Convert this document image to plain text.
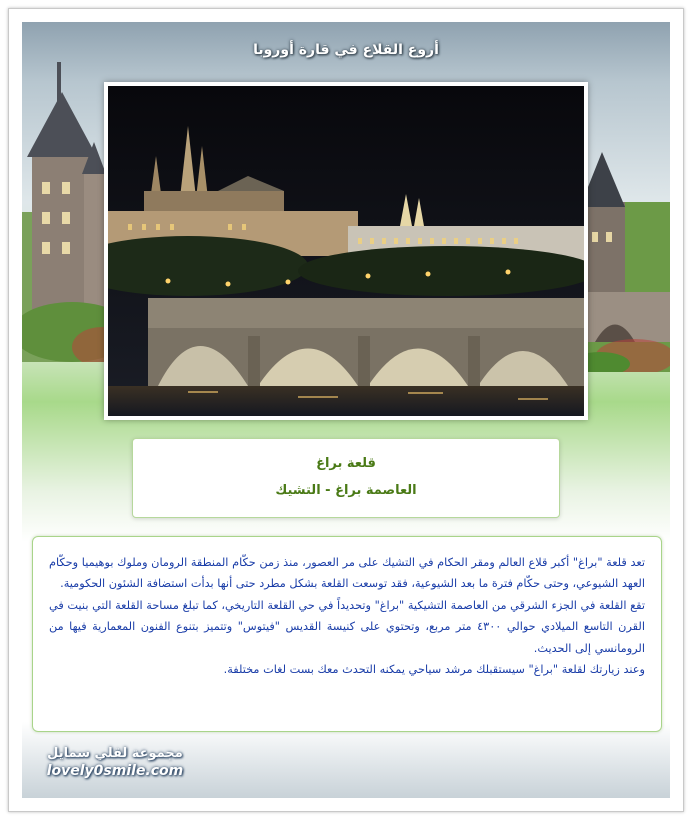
أروع القلاع في قارة أوروبا
قلعة براغ
العاصمة براغ - التشيك

تعد قلعة "براغ" أكبر قلاع العالم ومقر الحكام في التشيك على مر العصور، منذ زمن حكّام المنطقة الرومان وملوك بوهيميا وحكّام العهد الشيوعي، وحتى حكّام فترة ما بعد الشيوعية، فقد توسعت القلعة بشكل مطرد حتى أنها بدأت استضافة الشئون الحكومية.

تقع القلعة في الجزء الشرقي من العاصمة التشيكية "براغ" وتحديداً في حي القلعة التاريخي، كما تبلغ مساحة القلعة التي بنيت في القرن التاسع الميلادي حوالي ٤٣٠٠ متر مربع، وتحتوي على كنيسة القديس "فيتوس" وتتميز بتنوع الفنون المعمارية فيها من الرومانسي إلى الحديث.

وعند زيارتك لقلعة "براغ" سيستقبلك مرشد سياحي يمكنه التحدث معك بست لغات مختلفة.

مجموعة لقلي سمايل
lovely0smile.com
